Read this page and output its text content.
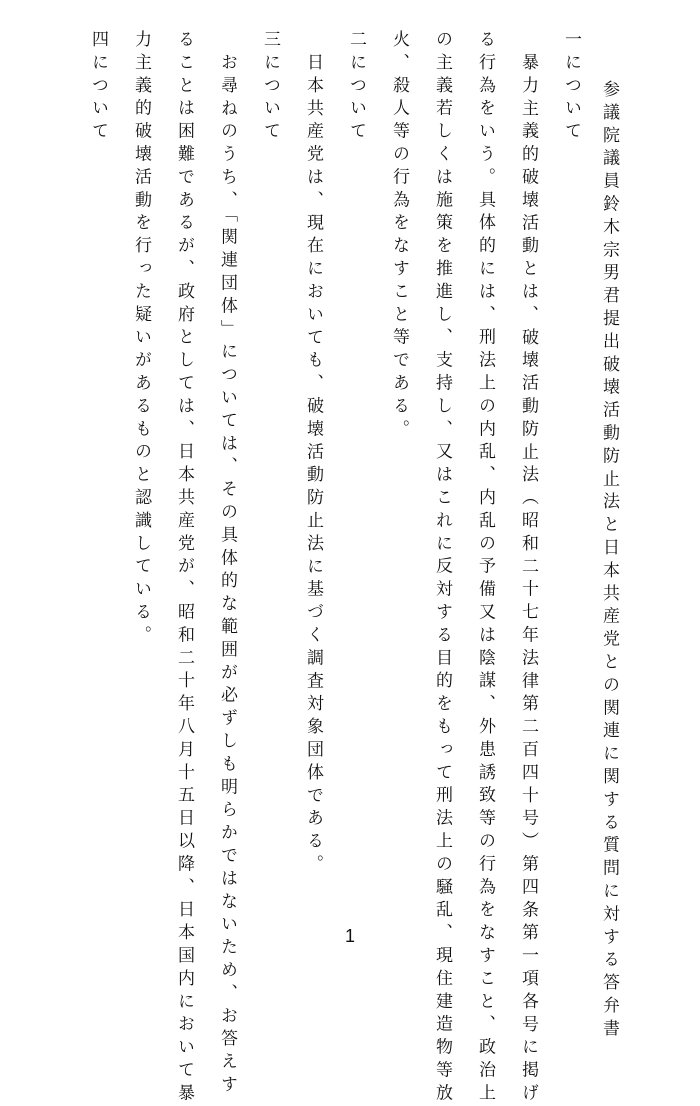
参議院議員鈴木宗男君提出破壊活動防止法と日本共産党との関連に関する質問に対する答弁書
一について
暴力主義的破壊活動とは、破壊活動防止法（昭和二十七年法律第二百四十号）第四条第一項各号に掲げ
る行為をいう。具体的には、刑法上の内乱、内乱の予備又は陰謀、外患誘致等の行為をなすこと、政治上
の主義若しくは施策を推進し、支持し、又はこれに反対する目的をもって刑法上の騒乱、現住建造物等放
火、殺人等の行為をなすこと等である。
二について
日本共産党は、現在においても、破壊活動防止法に基づく調査対象団体である。
三について
お尋ねのうち、「関連団体」については、その具体的な範囲が必ずしも明らかではないため、お答えす
ることは困難であるが、政府としては、日本共産党が、昭和二十年八月十五日以降、日本国内において暴
力主義的破壊活動を行った疑いがあるものと認識している。
四について
1
